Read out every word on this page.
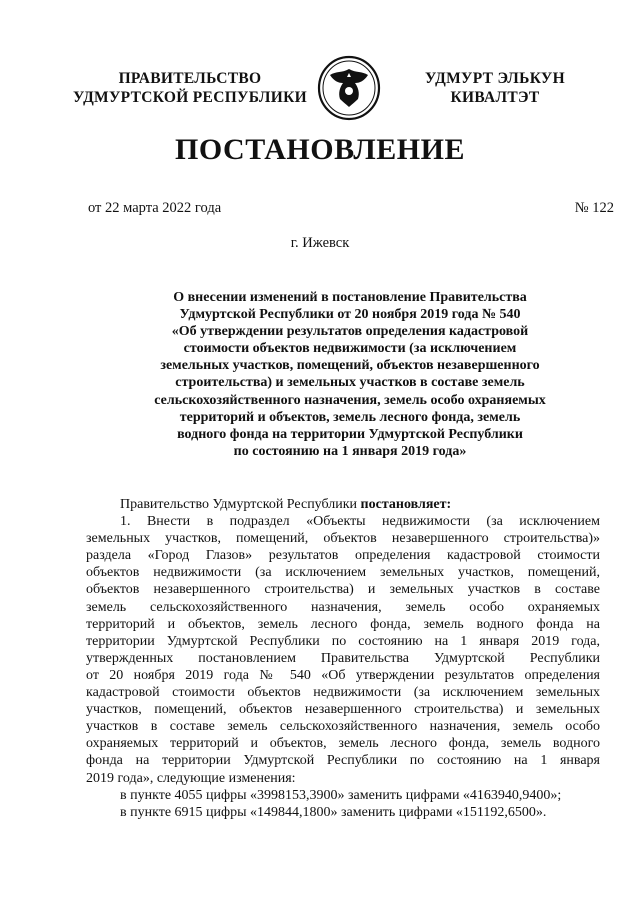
ПРАВИТЕЛЬСТВО
УДМУРТСКОЙ РЕСПУБЛИКИ
УДМУРТ ЭЛЬКУН
КИВАЛТЭТ
ПОСТАНОВЛЕНИЕ
от 22 марта 2022 года	№ 122
г. Ижевск
О внесении изменений в постановление Правительства
Удмуртской Республики от 20 ноября 2019 года № 540
«Об утверждении результатов определения кадастровой
стоимости объектов недвижимости (за исключением
земельных участков, помещений, объектов незавершенного
строительства) и земельных участков в составе земель
сельскохозяйственного назначения, земель особо охраняемых
территорий и объектов, земель лесного фонда, земель
водного фонда на территории Удмуртской Республики
по состоянию на 1 января 2019 года»
Правительство Удмуртской Республики постановляет:
1. Внести в подраздел «Объекты недвижимости (за исключением
земельных участков, помещений, объектов незавершенного строительства)»
раздела «Город Глазов» результатов определения кадастровой стоимости
объектов недвижимости (за исключением земельных участков, помещений,
объектов незавершенного строительства) и земельных участков в составе
земель сельскохозяйственного назначения, земель особо охраняемых
территорий и объектов, земель лесного фонда, земель водного фонда на
территории Удмуртской Республики по состоянию на 1 января 2019 года,
утвержденных постановлением Правительства Удмуртской Республики
от 20 ноября 2019 года № 540 «Об утверждении результатов определения
кадастровой стоимости объектов недвижимости (за исключением земельных
участков, помещений, объектов незавершенного строительства) и земельных
участков в составе земель сельскохозяйственного назначения, земель особо
охраняемых территорий и объектов, земель лесного фонда, земель водного
фонда на территории Удмуртской Республики по состоянию на 1 января
2019 года», следующие изменения:
в пункте 4055 цифры «3998153,3900» заменить цифрами «4163940,9400»;
в пункте 6915 цифры «149844,1800» заменить цифрами «151192,6500».
